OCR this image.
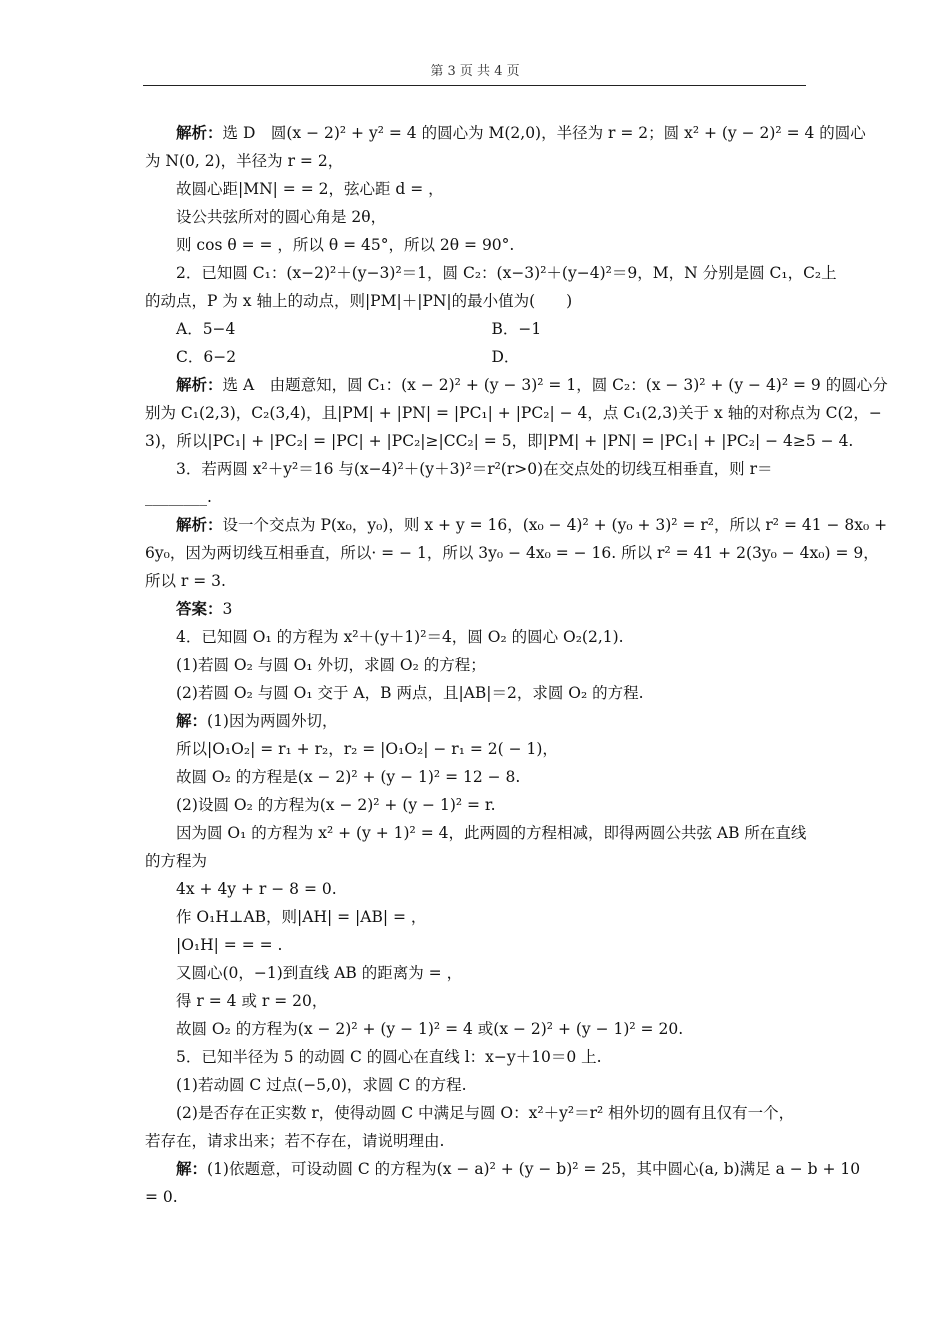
第 3 页 共 4 页
解析：选 D　圆(x − 2)² + y² = 4 的圆心为 M(2,0)，半径为 r = 2；圆 x² + (y − 2)² = 4 的圆心
为 N(0, 2)，半径为 r = 2，
故圆心距|MN| = = 2，弦心距 d = ，
设公共弦所对的圆心角是 2θ，
则 cos θ = = ，所以 θ = 45°，所以 2θ = 90°.
2．已知圆 C₁：(x−2)²＋(y−3)²＝1，圆 C₂：(x−3)²＋(y−4)²＝9，M，N 分别是圆 C₁，C₂上
的动点，P 为 x 轴上的动点，则|PM|＋|PN|的最小值为(　　)
A．5−4	B．−1
C．6−2	D．
解析：选 A　由题意知，圆 C₁：(x − 2)² + (y − 3)² = 1，圆 C₂：(x − 3)² + (y − 4)² = 9 的圆心分
别为 C₁(2,3)，C₂(3,4)，且|PM| + |PN| = |PC₁| + |PC₂| − 4，点 C₁(2,3)关于 x 轴的对称点为 C(2，−
3)，所以|PC₁| + |PC₂| = |PC| + |PC₂|≥|CC₂| = 5，即|PM| + |PN| = |PC₁| + |PC₂| − 4≥5 − 4.
3．若两圆 x²＋y²＝16 与(x−4)²＋(y＋3)²＝r²(r>0)在交点处的切线互相垂直，则 r＝
________.
解析：设一个交点为 P(x₀，y₀)，则 x + y = 16，(x₀ − 4)² + (y₀ + 3)² = r²，所以 r² = 41 − 8x₀ +
6y₀，因为两切线互相垂直，所以· = − 1，所以 3y₀ − 4x₀ = − 16. 所以 r² = 41 + 2(3y₀ − 4x₀) = 9，
所以 r = 3.
答案：3
4．已知圆 O₁ 的方程为 x²＋(y＋1)²＝4，圆 O₂ 的圆心 O₂(2,1).
(1)若圆 O₂ 与圆 O₁ 外切，求圆 O₂ 的方程；
(2)若圆 O₂ 与圆 O₁ 交于 A，B 两点，且|AB|＝2，求圆 O₂ 的方程.
解：(1)因为两圆外切，
所以|O₁O₂| = r₁ + r₂，r₂ = |O₁O₂| − r₁ = 2( − 1)，
故圆 O₂ 的方程是(x − 2)² + (y − 1)² = 12 − 8.
(2)设圆 O₂ 的方程为(x − 2)² + (y − 1)² = r.
因为圆 O₁ 的方程为 x² + (y + 1)² = 4，此两圆的方程相减，即得两圆公共弦 AB 所在直线
的方程为
4x + 4y + r − 8 = 0.
作 O₁H⊥AB，则|AH| = |AB| = ，
|O₁H| = = = .
又圆心(0，−1)到直线 AB 的距离为 = ，
得 r = 4 或 r = 20，
故圆 O₂ 的方程为(x − 2)² + (y − 1)² = 4 或(x − 2)² + (y − 1)² = 20.
5．已知半径为 5 的动圆 C 的圆心在直线 l：x−y＋10＝0 上.
(1)若动圆 C 过点(−5,0)，求圆 C 的方程.
(2)是否存在正实数 r，使得动圆 C 中满足与圆 O：x²＋y²＝r² 相外切的圆有且仅有一个，
若存在，请求出来；若不存在，请说明理由.
解：(1)依题意，可设动圆 C 的方程为(x − a)² + (y − b)² = 25，其中圆心(a, b)满足 a − b + 10
= 0.
